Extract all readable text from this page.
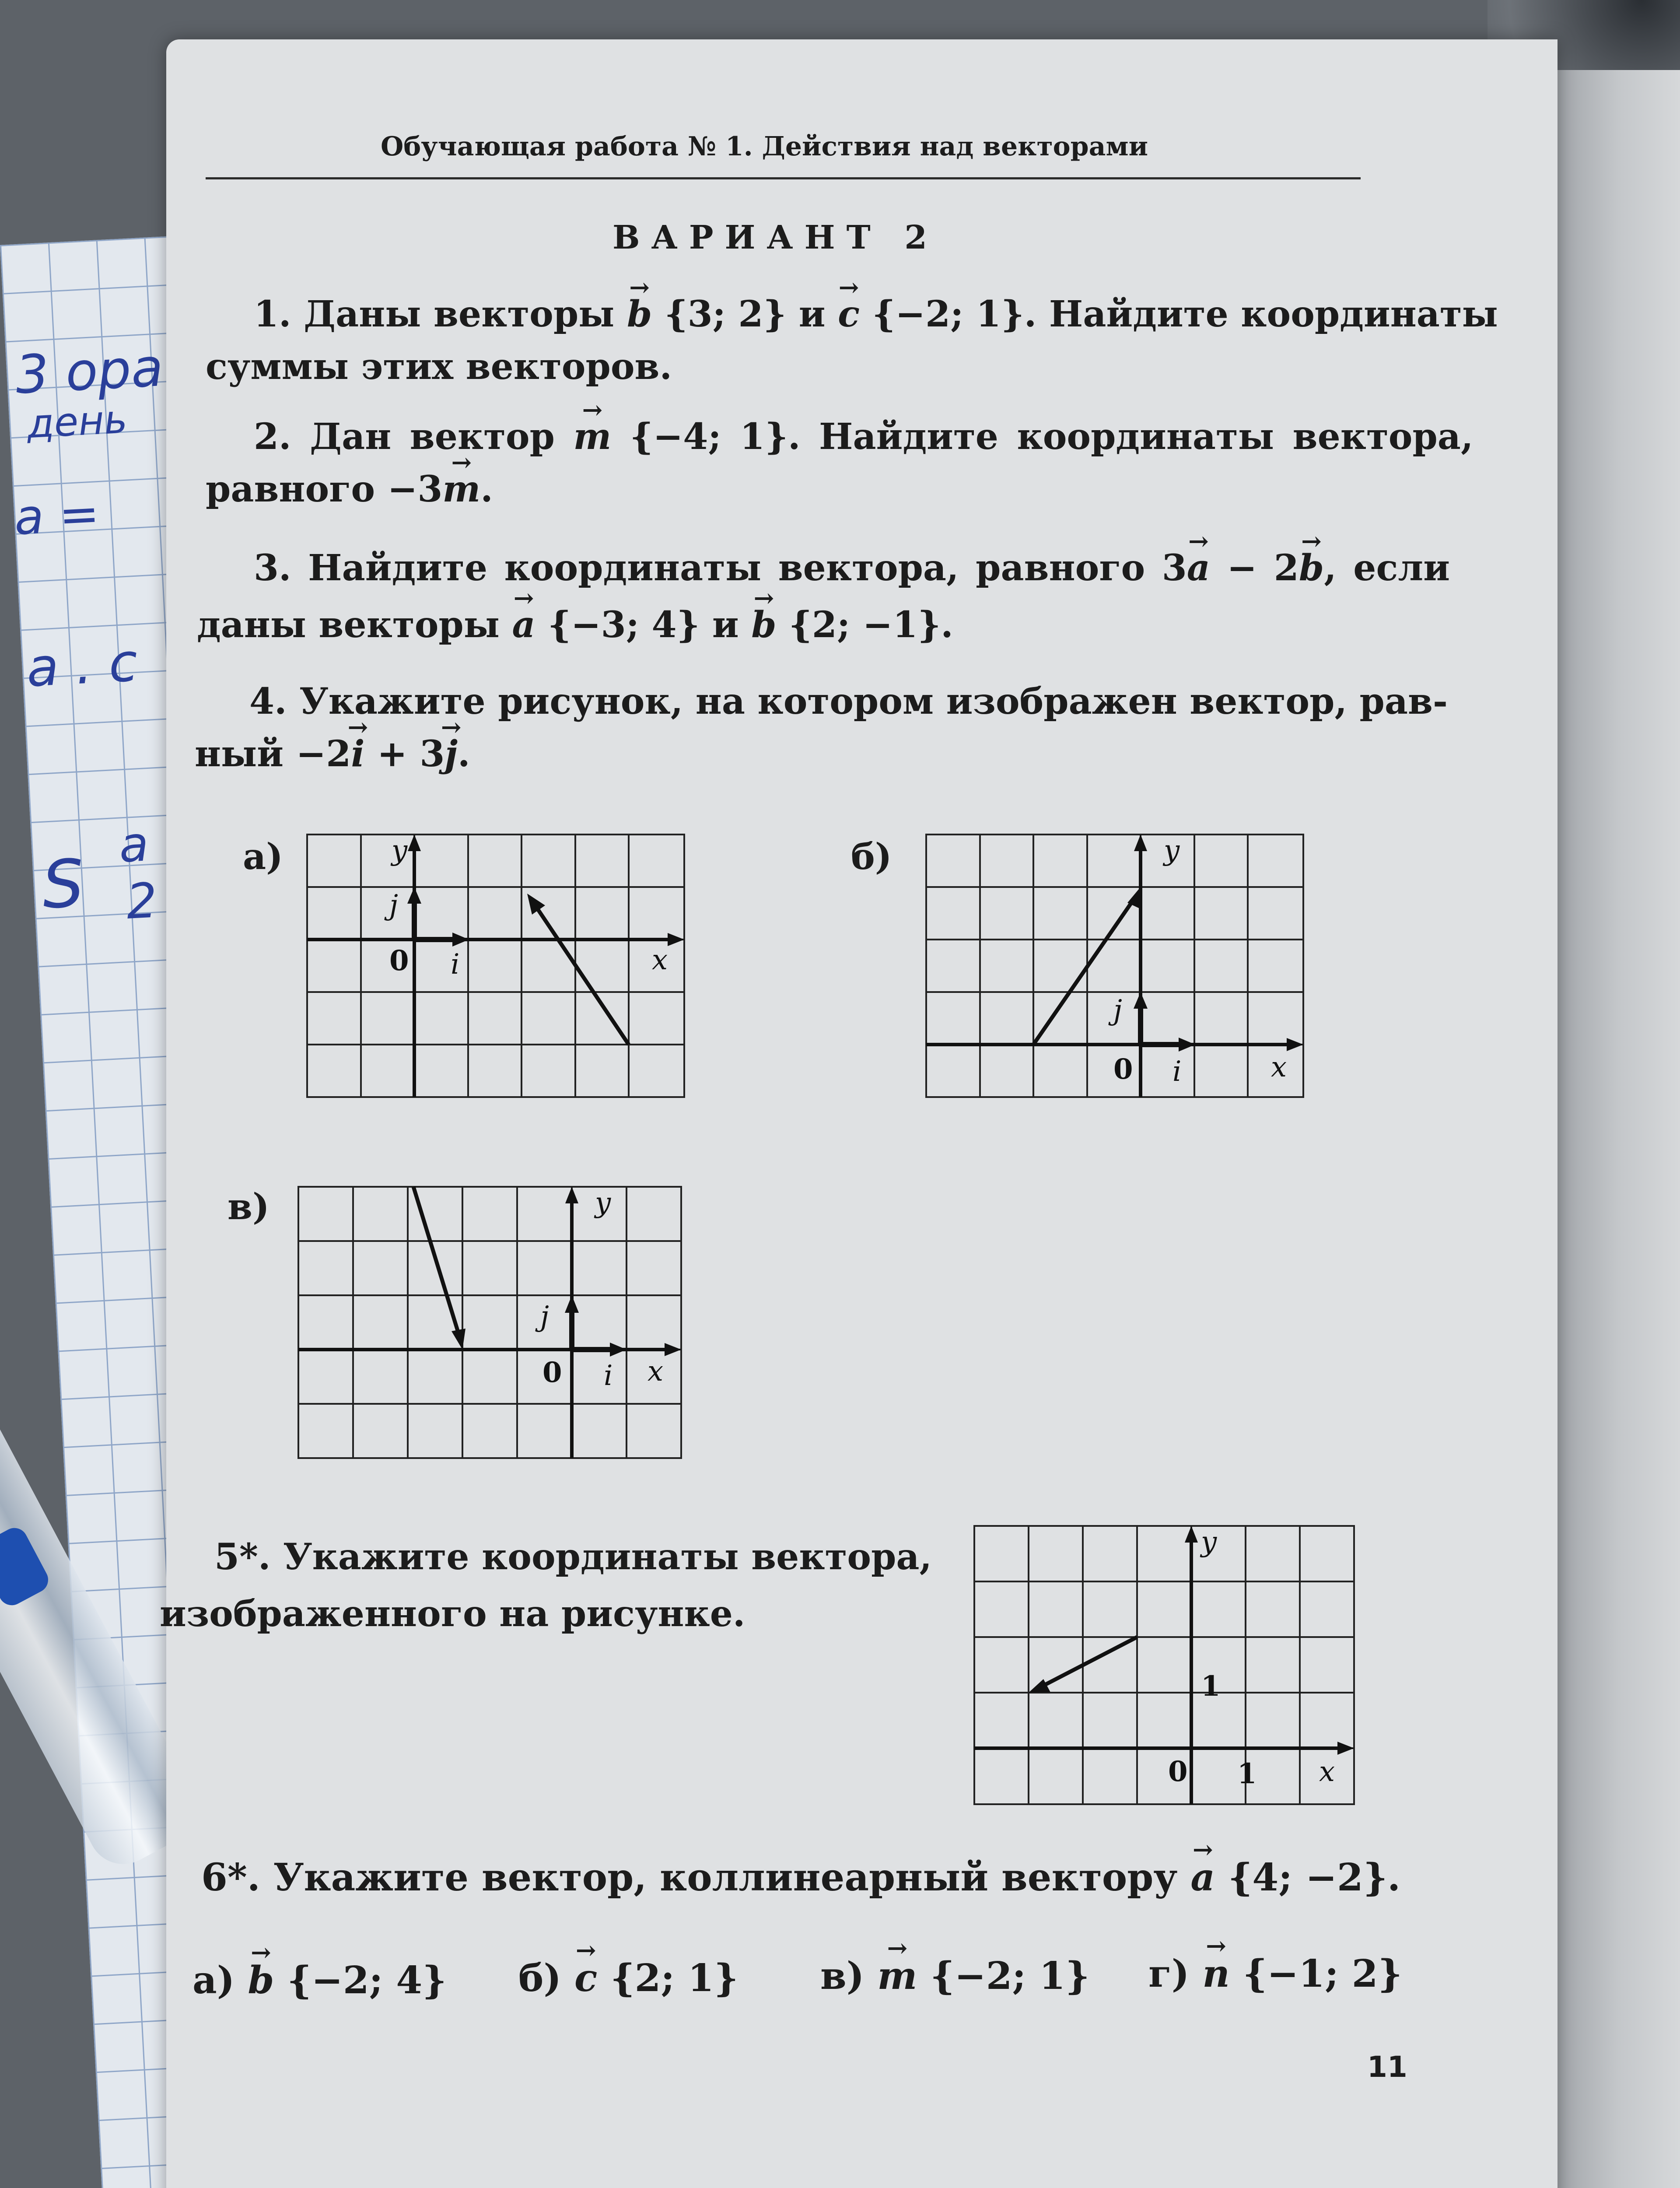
3 ора
день
а =
а . с
S
a
2
Обучающая работа № 1. Действия над векторами
ВАРИАНТ 2
1. Даны векторы → b {3; 2} и → c {−2; 1}. Найдите координаты
суммы этих векторов.
2. Дан вектор → m {−4; 1}. Найдите координаты вектора,
равного −3→ m.
3. Найдите координаты вектора, равного 3→ a − 2→ b, если
даны векторы → a {−3; 4} и → b {2; −1}.
4. Укажите рисунок, на котором изображен вектор, рав-
ный −2→ i + 3→ j.
а)	б)
в)
y
j
0 i	x
y
j
0 i	x
y
j
0 i x
5*. Укажите координаты вектора,
изображенного на рисунке.
y
1
0 1 x
6*. Укажите вектор, коллинеарный вектору → a {4; −2}.
а) → b {−2; 4} б) → c {2; 1} в) → m {−2; 1} г) → n {−1; 2}
11
